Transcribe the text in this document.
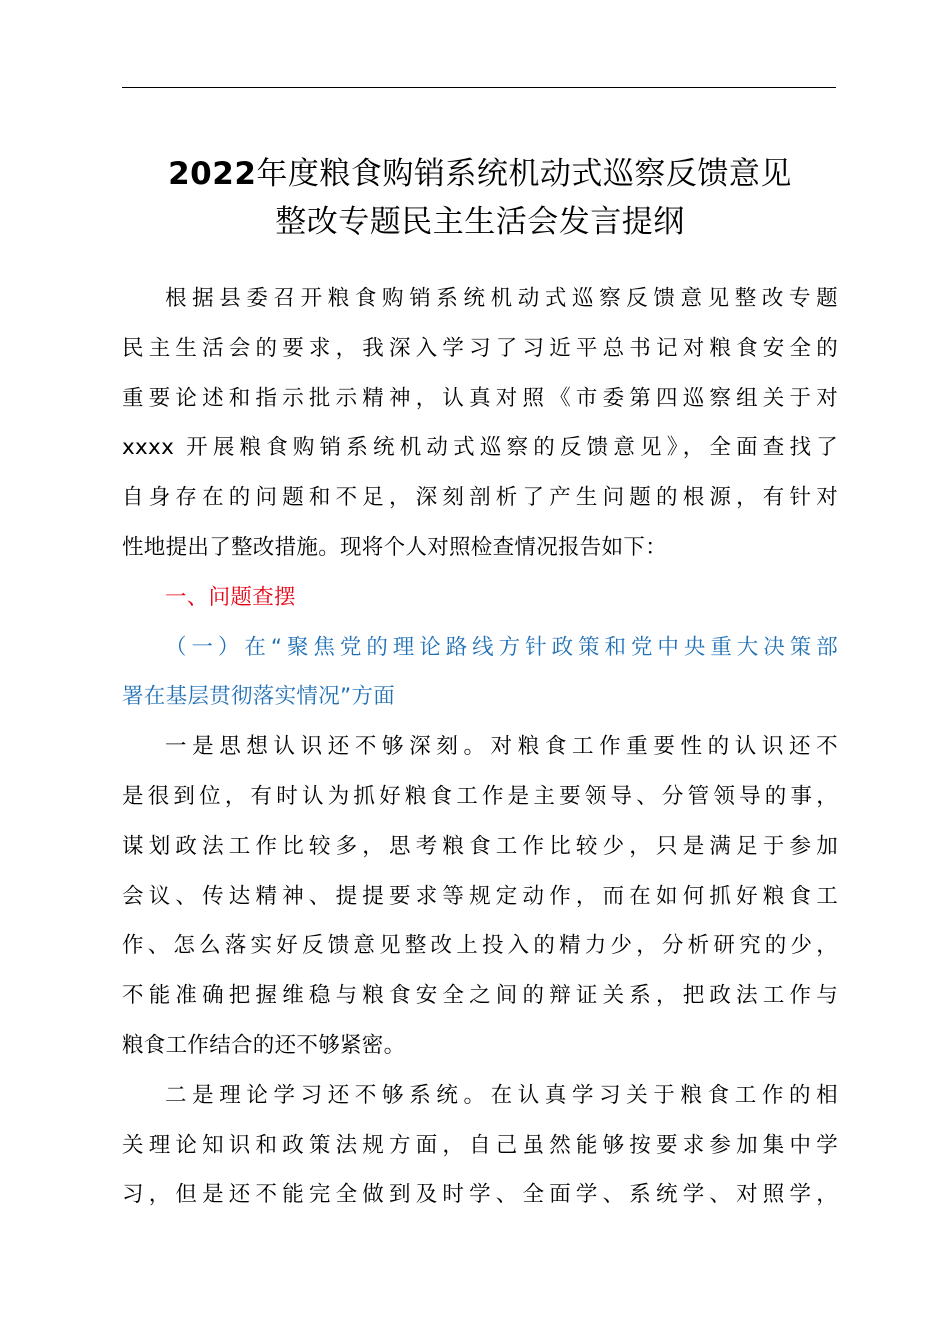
2022年度粮食购销系统机动式巡察反馈意见
整改专题民主生活会发言提纲
根据县委召开粮食购销系统机动式巡察反馈意见整改专题
民主生活会的要求，我深入学习了习近平总书记对粮食安全的
重要论述和指示批示精神，认真对照《市委第四巡察组关于对
xxxx 开展粮食购销系统机动式巡察的反馈意见》，全面查找了
自身存在的问题和不足，深刻剖析了产生问题的根源，有针对
性地提出了整改措施。现将个人对照检查情况报告如下：
一、问题查摆
（一）在“聚焦党的理论路线方针政策和党中央重大决策部
署在基层贯彻落实情况”方面
一是思想认识还不够深刻。对粮食工作重要性的认识还不
是很到位，有时认为抓好粮食工作是主要领导、分管领导的事，
谋划政法工作比较多，思考粮食工作比较少，只是满足于参加
会议、传达精神、提提要求等规定动作，而在如何抓好粮食工
作、怎么落实好反馈意见整改上投入的精力少，分析研究的少，
不能准确把握维稳与粮食安全之间的辩证关系，把政法工作与
粮食工作结合的还不够紧密。
二是理论学习还不够系统。在认真学习关于粮食工作的相
关理论知识和政策法规方面，自己虽然能够按要求参加集中学
习，但是还不能完全做到及时学、全面学、系统学、对照学，
